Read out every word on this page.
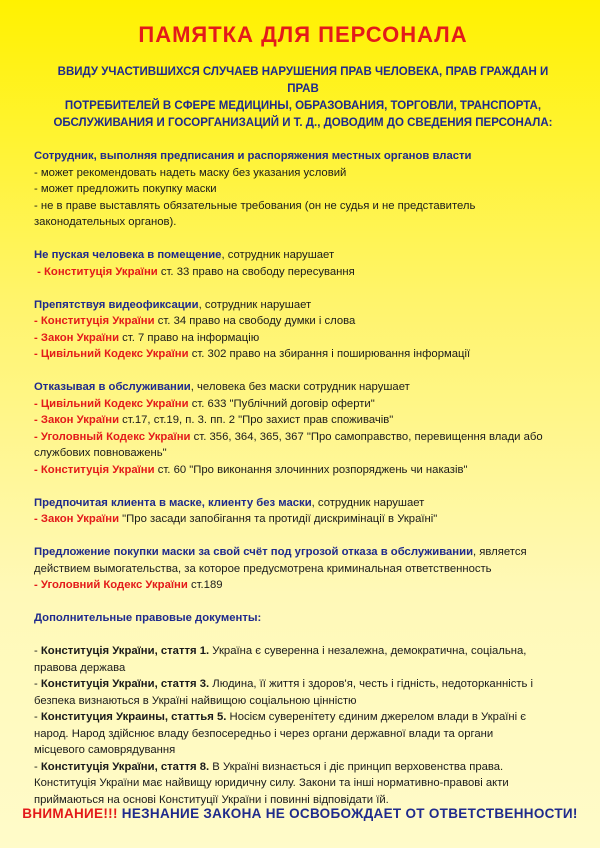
ПАМЯТКА ДЛЯ ПЕРСОНАЛА
ВВИДУ УЧАСТИВШИХСЯ СЛУЧАЕВ НАРУШЕНИЯ ПРАВ ЧЕЛОВЕКА, ПРАВ ГРАЖДАН И ПРАВ
ПОТРЕБИТЕЛЕЙ В СФЕРЕ МЕДИЦИНЫ, ОБРАЗОВАНИЯ, ТОРГОВЛИ, ТРАНСПОРТА,
ОБСЛУЖИВАНИЯ И ГОСОРГАНИЗАЦИЙ И Т. Д., ДОВОДИМ ДО СВЕДЕНИЯ ПЕРСОНАЛА:
Сотрудник, выполняя предписания и распоряжения местных органов власти
- может рекомендовать надеть маску без указания условий
- может предложить покупку маски
- не в праве выставлять обязательные требования (он не судья и не представитель
законодательных органов).
Не пуская человека в помещение, сотрудник нарушает
- Конституція України ст. 33 право на свободу пересування
Препятствуя видеофиксации, сотрудник нарушает
- Конституція України ст. 34 право на свободу думки і слова
- Закон України ст. 7 право на інформацію
- Цивільний Кодекс України ст. 302 право на збирання і поширювання інформації
Отказывая в обслуживании, человека без маски сотрудник нарушает
- Цивільний Кодекс України ст. 633 "Публічний договір оферти"
- Закон України ст.17, ст.19, п. 3. пп. 2 "Про захист прав споживачів"
- Уголовный Кодекс України ст. 356, 364, 365, 367 "Про самоправство, перевищення влади або
службових повноважень"
- Конституція України ст. 60 "Про виконання злочинних розпоряджень чи наказів"
Предпочитая клиента в маске, клиенту без маски, сотрудник нарушает
- Закон України "Про засади запобігання та протидії дискримінації в Україні"
Предложение покупки маски за свой счёт под угрозой отказа в обслуживании, является
действием вымогательства, за которое предусмотрена криминальная ответственность
- Уголовний Кодекс України ст.189
Дополнительные правовые документы:
- Конституція України, стаття 1. Україна є суверенна і незалежна, демократична, соціальна,
правова держава
- Конституція України, стаття 3. Людина, її життя і здоров'я, честь і гідність, недоторканність і
безпека визнаються в Україні найвищою соціальною цінністю
- Конституция Украины, статтья 5. Носієм суверенітету єдиним джерелом влади в Україні є
народ. Народ здійснює владу безпосередньо і через органи державної влади та органи
місцевого самоврядування
- Конституція України, стаття 8. В Україні визнається і діє принцип верховенства права.
Конституція України має найвищу юридичну силу. Закони та інші нормативно-правові акти
приймаються на основі Конституції України і повинні відповідати їй.
ВНИМАНИЕ!!! НЕЗНАНИЕ ЗАКОНА НЕ ОСВОБОЖДАЕТ ОТ ОТВЕТСТВЕННОСТИ!
